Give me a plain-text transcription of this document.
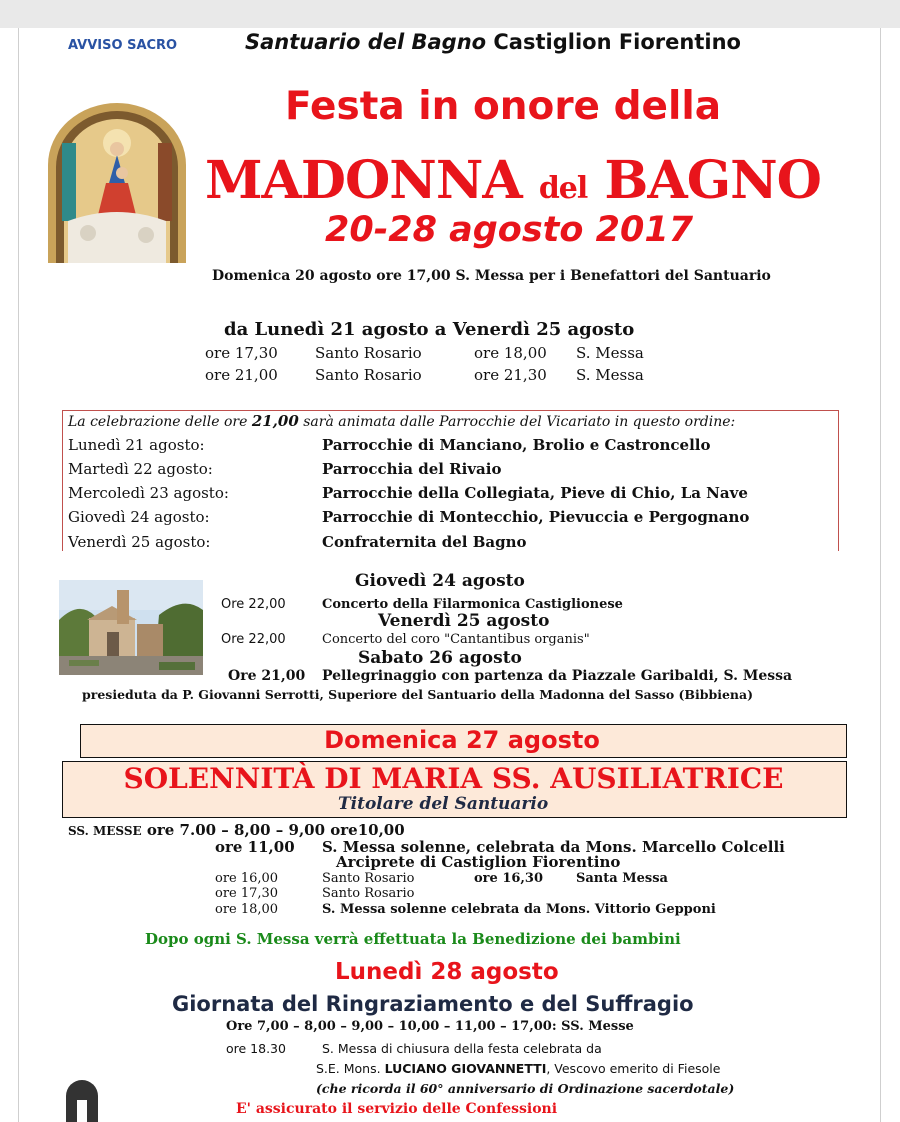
AVVISO SACRO	Santuario del Bagno Castiglion Fiorentino
Festa in onore della
MADONNA del BAGNO
20-28 agosto 2017
Domenica 20 agosto ore 17,00 S. Messa per i Benefattori del Santuario
da Lunedì 21 agosto a Venerdì 25 agosto
ore 17,30 Santo Rosario	ore 18,00 S. Messa
ore 21,00 Santo Rosario	ore 21,30 S. Messa
La celebrazione delle ore 21,00 sarà animata dalle Parrocchie del Vicariato in questo ordine:
Lunedì 21 agosto:	Parrocchie di Manciano, Brolio e Castroncello
Martedì 22 agosto:	Parrocchia del Rivaio
Mercoledì 23 agosto:	Parrocchie della Collegiata, Pieve di Chio, La Nave
Giovedì 24 agosto:	Parrocchie di Montecchio, Pievuccia e Pergognano
Venerdì 25 agosto:	Confraternita del Bagno
Giovedì 24 agosto
Ore 22,00	Concerto della Filarmonica Castiglionese
Venerdì 25 agosto
Ore 22,00	Concerto del coro "Cantantibus organis"
Sabato 26 agosto
Ore 21,00 Pellegrinaggio con partenza da Piazzale Garibaldi, S. Messa
presieduta da P. Giovanni Serrotti, Superiore del Santuario della Madonna del Sasso (Bibbiena)
Domenica 27 agosto
SOLENNITÀ DI MARIA SS. AUSILIATRICE
Titolare del Santuario
SS. MESSE ore 7.00 – 8,00 – 9,00 ore10,00
ore 11,00 S. Messa solenne, celebrata da Mons. Marcello Colcelli
Arciprete di Castiglion Fiorentino
ore 16,00	Santo Rosario	ore 16,30	Santa Messa
ore 17,30	Santo Rosario
ore 18,00	S. Messa solenne celebrata da Mons. Vittorio Gepponi
Dopo ogni S. Messa verrà effettuata la Benedizione dei bambini
Lunedì 28 agosto
Giornata del Ringraziamento e del Suffragio
Ore 7,00 – 8,00 – 9,00 – 10,00 – 11,00 – 17,00: SS. Messe
ore 18.30	S. Messa di chiusura della festa celebrata da
S.E. Mons. LUCIANO GIOVANNETTI, Vescovo emerito di Fiesole
(che ricorda il 60° anniversario di Ordinazione sacerdotale)
E' assicurato il servizio delle Confessioni
